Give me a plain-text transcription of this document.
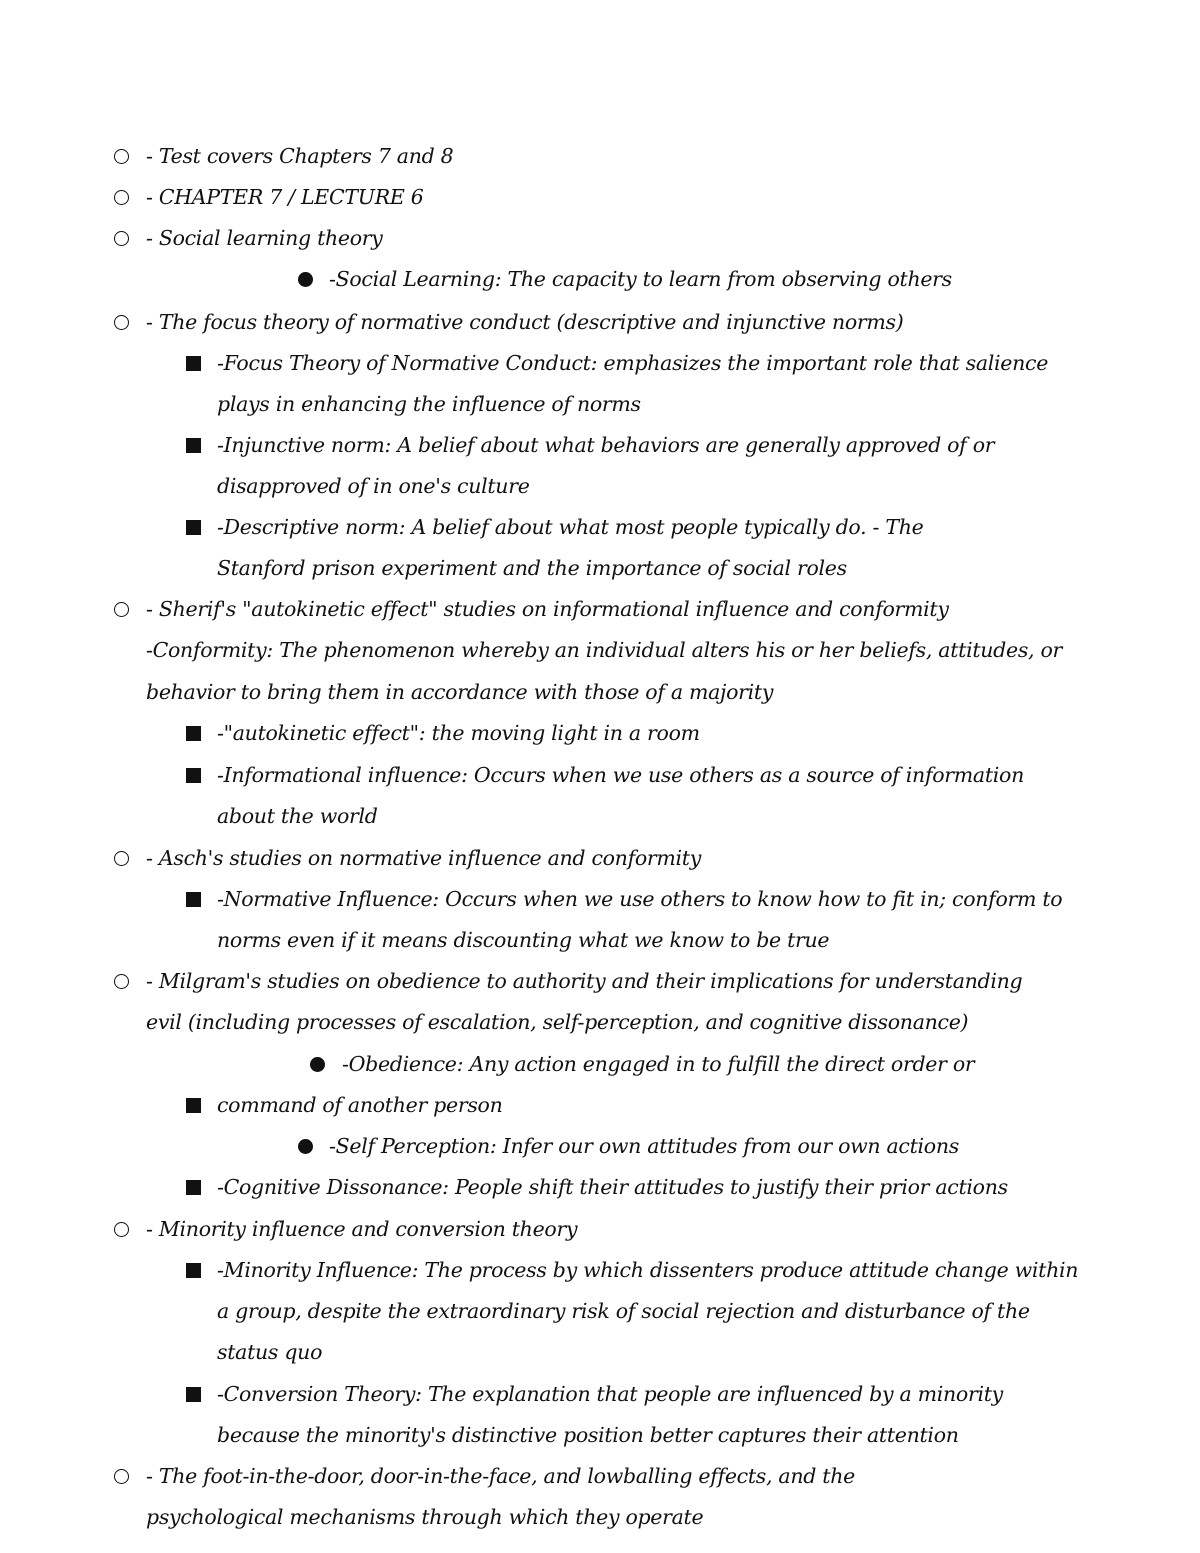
- Test covers Chapters 7 and 8
- CHAPTER 7 / LECTURE 6
- Social learning theory
-Social Learning: The capacity to learn from observing others
- The focus theory of normative conduct (descriptive and injunctive norms)
-Focus Theory of Normative Conduct: emphasizes the important role that salience
plays in enhancing the influence of norms
-Injunctive norm: A belief about what behaviors are generally approved of or
disapproved of in one's culture
-Descriptive norm: A belief about what most people typically do. - The
Stanford prison experiment and the importance of social roles
- Sherif's "autokinetic effect" studies on informational influence and conformity
-Conformity: The phenomenon whereby an individual alters his or her beliefs, attitudes, or
behavior to bring them in accordance with those of a majority
-"autokinetic effect": the moving light in a room
-Informational influence: Occurs when we use others as a source of information
about the world
- Asch's studies on normative influence and conformity
-Normative Influence: Occurs when we use others to know how to fit in; conform to
norms even if it means discounting what we know to be true
- Milgram's studies on obedience to authority and their implications for understanding
evil (including processes of escalation, self-perception, and cognitive dissonance)
-Obedience: Any action engaged in to fulfill the direct order or
command of another person
-Self Perception: Infer our own attitudes from our own actions
-Cognitive Dissonance: People shift their attitudes to justify their prior actions
- Minority influence and conversion theory
-Minority Influence: The process by which dissenters produce attitude change within
a group, despite the extraordinary risk of social rejection and disturbance of the
status quo
-Conversion Theory: The explanation that people are influenced by a minority
because the minority's distinctive position better captures their attention
- The foot-in-the-door, door-in-the-face, and lowballing effects, and the
psychological mechanisms through which they operate
